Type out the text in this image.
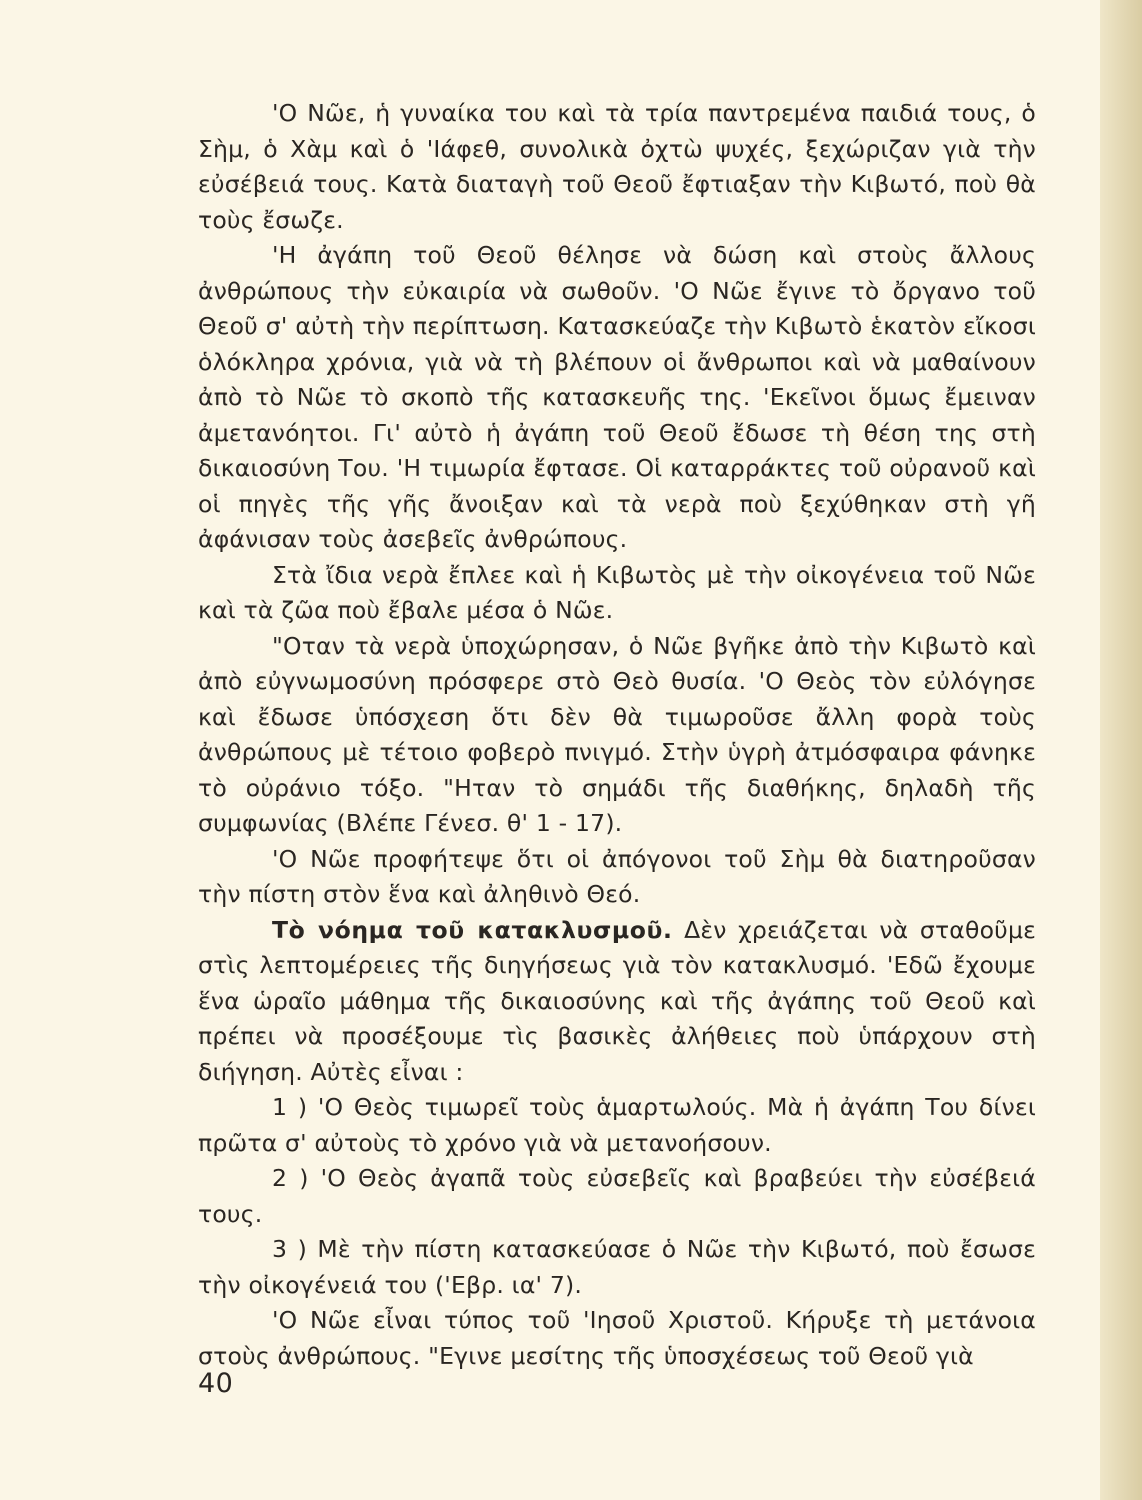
'Ο Νῶε, ἡ γυναίκα του καὶ τὰ τρία παντρεμένα παιδιά τους, ὁ Σὴμ, ὁ Χὰμ καὶ ὁ 'Ιάφεθ, συνολικὰ ὀχτὼ ψυχές, ξεχώριζαν γιὰ τὴν εὐσέβειά τους. Κατὰ διαταγὴ τοῦ Θεοῦ ἔφτιαξαν τὴν Κιβωτό, ποὺ θὰ τοὺς ἔσωζε.

'Η ἀγάπη τοῦ Θεοῦ θέλησε νὰ δώση καὶ στοὺς ἄλλους ἀνθρώπους τὴν εὐκαιρία νὰ σωθοῦν. 'Ο Νῶε ἔγινε τὸ ὄργανο τοῦ Θεοῦ σ' αὐτὴ τὴν περίπτωση. Κατασκεύαζε τὴν Κιβωτὸ ἑκατὸν εἴκοσι ὁλόκληρα χρόνια, γιὰ νὰ τὴ βλέπουν οἱ ἄνθρωποι καὶ νὰ μαθαίνουν ἀπὸ τὸ Νῶε τὸ σκοπὸ τῆς κατασκευῆς της. 'Εκεῖνοι ὅμως ἔμειναν ἀμετανόητοι. Γι' αὐτὸ ἡ ἀγάπη τοῦ Θεοῦ ἔδωσε τὴ θέση της στὴ δικαιοσύνη Του. 'Η τιμωρία ἔφτασε. Οἱ καταρράκτες τοῦ οὐρανοῦ καὶ οἱ πηγὲς τῆς γῆς ἄνοιξαν καὶ τὰ νερὰ ποὺ ξεχύθηκαν στὴ γῆ ἀφάνισαν τοὺς ἀσεβεῖς ἀνθρώπους.

Στὰ ἴδια νερὰ ἔπλεε καὶ ἡ Κιβωτὸς μὲ τὴν οἰκογένεια τοῦ Νῶε καὶ τὰ ζῶα ποὺ ἔβαλε μέσα ὁ Νῶε.

"Οταν τὰ νερὰ ὑποχώρησαν, ὁ Νῶε βγῆκε ἀπὸ τὴν Κιβωτὸ καὶ ἀπὸ εὐγνωμοσύνη πρόσφερε στὸ Θεὸ θυσία. 'Ο Θεὸς τὸν εὐλόγησε καὶ ἔδωσε ὑπόσχεση ὅτι δὲν θὰ τιμωροῦσε ἄλλη φορὰ τοὺς ἀνθρώπους μὲ τέτοιο φοβερὸ πνιγμό. Στὴν ὑγρὴ ἀτμόσφαιρα φάνηκε τὸ οὐράνιο τόξο. "Ηταν τὸ σημάδι τῆς διαθήκης, δηλαδὴ τῆς συμφωνίας (Βλέπε Γένεσ. θ' 1 - 17).

'Ο Νῶε προφήτεψε ὅτι οἱ ἀπόγονοι τοῦ Σὴμ θὰ διατηροῦσαν τὴν πίστη στὸν ἕνα καὶ ἀληθινὸ Θεό.

Τὸ νόημα τοῦ κατακλυσμοῦ. Δὲν χρειάζεται νὰ σταθοῦμε στὶς λεπτομέρειες τῆς διηγήσεως γιὰ τὸν κατακλυσμό. 'Εδῶ ἔχουμε ἕνα ὡραῖο μάθημα τῆς δικαιοσύνης καὶ τῆς ἀγάπης τοῦ Θεοῦ καὶ πρέπει νὰ προσέξουμε τὶς βασικὲς ἀλήθειες ποὺ ὑπάρχουν στὴ διήγηση. Αὐτὲς εἶναι :

1 ) 'Ο Θεὸς τιμωρεῖ τοὺς ἁμαρτωλούς. Μὰ ἡ ἀγάπη Του δίνει πρῶτα σ' αὐτοὺς τὸ χρόνο γιὰ νὰ μετανοήσουν.

2 ) 'Ο Θεὸς ἀγαπᾶ τοὺς εὐσεβεῖς καὶ βραβεύει τὴν εὐσέβειά τους.

3 ) Μὲ τὴν πίστη κατασκεύασε ὁ Νῶε τὴν Κιβωτό, ποὺ ἔσωσε τὴν οἰκογένειά του ('Εβρ. ια' 7).

'Ο Νῶε εἶναι τύπος τοῦ 'Ιησοῦ Χριστοῦ. Κήρυξε τὴ μετάνοια στοὺς ἀνθρώπους. "Εγινε μεσίτης τῆς ὑποσχέσεως τοῦ Θεοῦ γιὰ

40
